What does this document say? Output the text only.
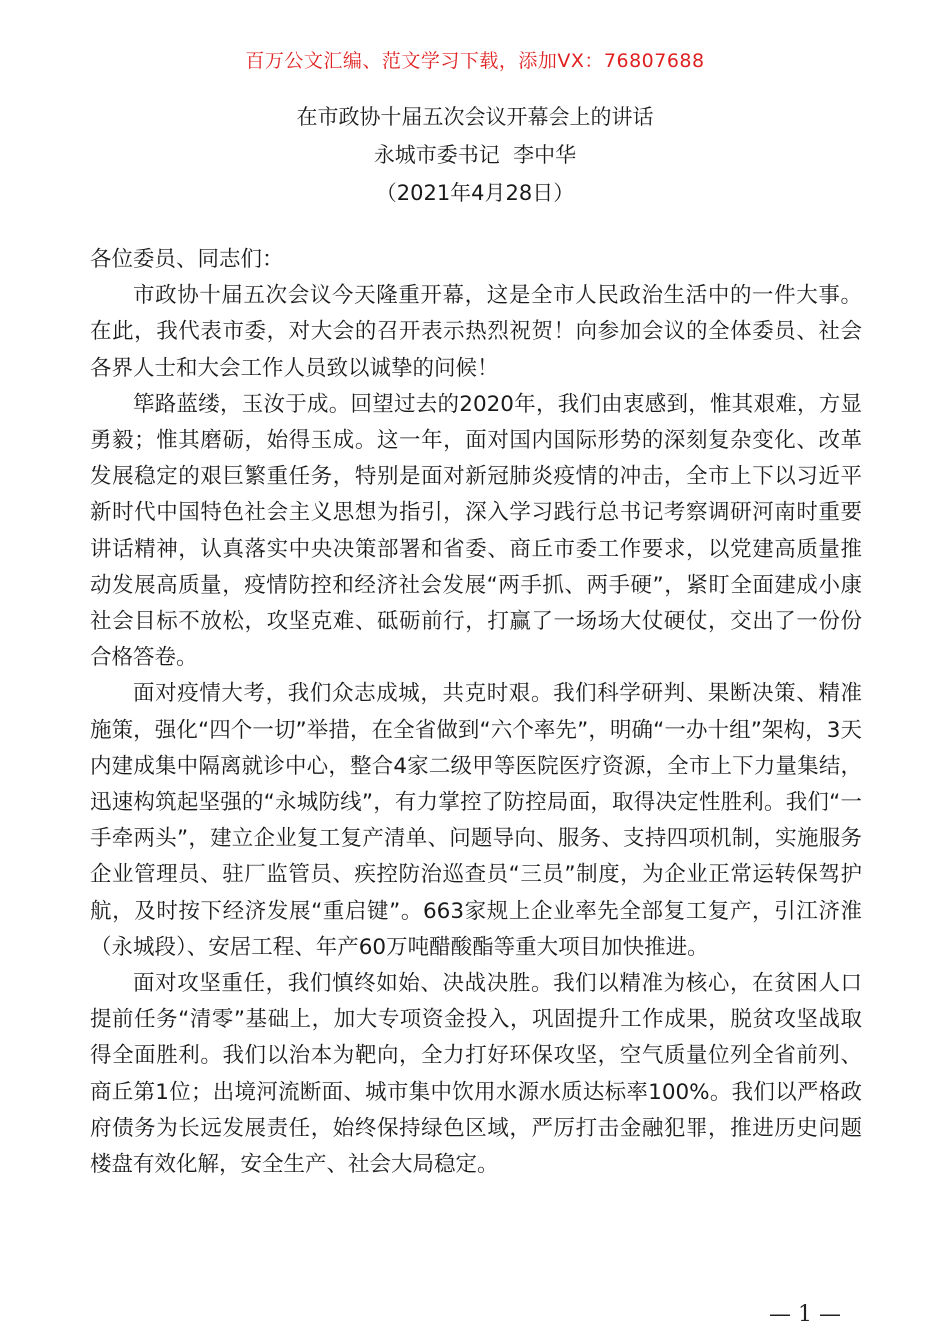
百万公文汇编、范文学习下载，添加VX：76807688
在市政协十届五次会议开幕会上的讲话
永城市委书记  李中华
（2021年4月28日）

各位委员、同志们：

市政协十届五次会议今天隆重开幕，这是全市人民政治生活中的一件大事。在此，我代表市委，对大会的召开表示热烈祝贺！向参加会议的全体委员、社会各界人士和大会工作人员致以诚挚的问候！

筚路蓝缕，玉汝于成。回望过去的2020年，我们由衷感到，惟其艰难，方显勇毅；惟其磨砺，始得玉成。这一年，面对国内国际形势的深刻复杂变化、改革发展稳定的艰巨繁重任务，特别是面对新冠肺炎疫情的冲击，全市上下以习近平新时代中国特色社会主义思想为指引，深入学习践行总书记考察调研河南时重要讲话精神，认真落实中央决策部署和省委、商丘市委工作要求，以党建高质量推动发展高质量，疫情防控和经济社会发展“两手抓、两手硬”，紧盯全面建成小康社会目标不放松，攻坚克难、砥砺前行，打赢了一场场大仗硬仗，交出了一份份合格答卷。

面对疫情大考，我们众志成城，共克时艰。我们科学研判、果断决策、精准施策，强化“四个一切”举措，在全省做到“六个率先”，明确“一办十组”架构，3天内建成集中隔离就诊中心，整合4家二级甲等医院医疗资源，全市上下力量集结，迅速构筑起坚强的“永城防线”，有力掌控了防控局面，取得决定性胜利。我们“一手牵两头”，建立企业复工复产清单、问题导向、服务、支持四项机制，实施服务企业管理员、驻厂监管员、疾控防治巡查员“三员”制度，为企业正常运转保驾护航，及时按下经济发展“重启键”。663家规上企业率先全部复工复产，引江济淮（永城段）、安居工程、年产60万吨醋酸酯等重大项目加快推进。

面对攻坚重任，我们慎终如始、决战决胜。我们以精准为核心，在贫困人口提前任务“清零”基础上，加大专项资金投入，巩固提升工作成果，脱贫攻坚战取得全面胜利。我们以治本为靶向，全力打好环保攻坚，空气质量位列全省前列、商丘第1位；出境河流断面、城市集中饮用水源水质达标率100%。我们以严格政府债务为长远发展责任，始终保持绿色区域，严厉打击金融犯罪，推进历史问题楼盘有效化解，安全生产、社会大局稳定。

— 1 —
